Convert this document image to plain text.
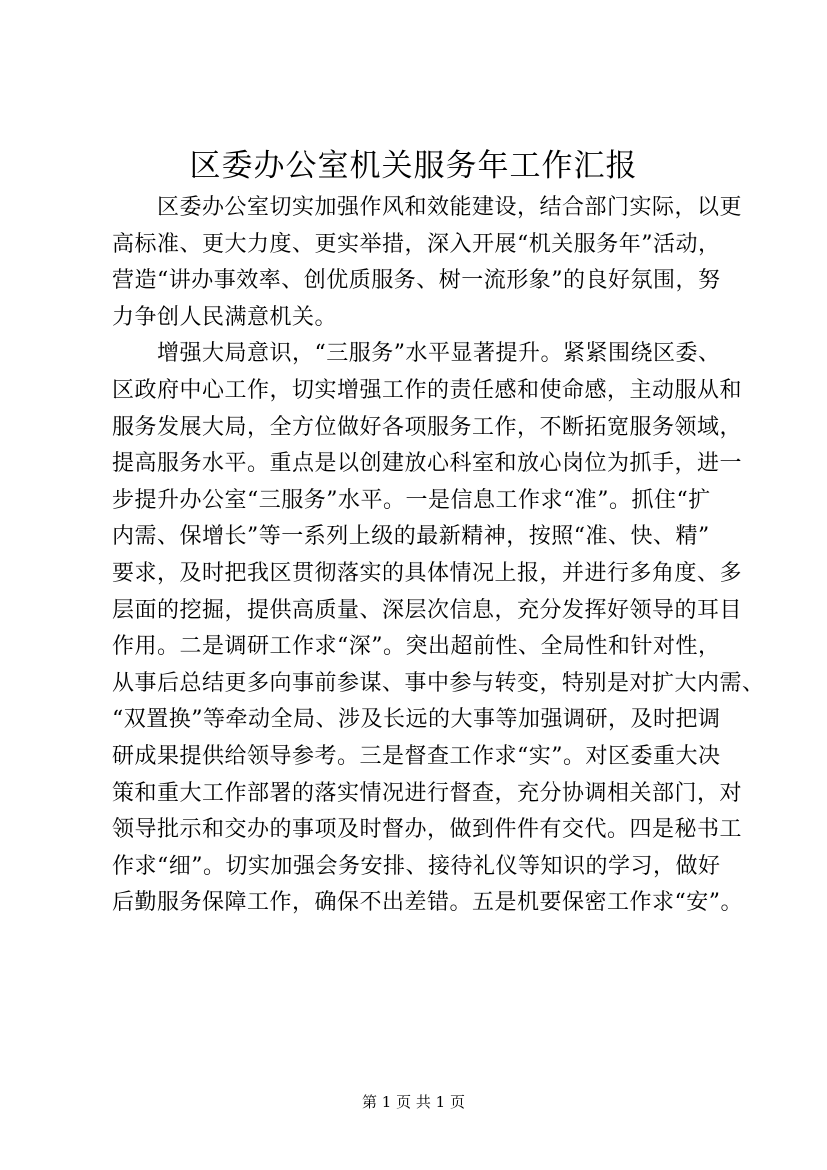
区委办公室机关服务年工作汇报

　　区委办公室切实加强作风和效能建设，结合部门实际，以更

高标准、更大力度、更实举措，深入开展“机关服务年”活动，

营造“讲办事效率、创优质服务、树一流形象”的良好氛围，努

力争创人民满意机关。

　　增强大局意识，“三服务”水平显著提升。紧紧围绕区委、

区政府中心工作，切实增强工作的责任感和使命感，主动服从和

服务发展大局，全方位做好各项服务工作，不断拓宽服务领域，

提高服务水平。重点是以创建放心科室和放心岗位为抓手，进一

步提升办公室“三服务”水平。一是信息工作求“准”。抓住“扩

内需、保增长”等一系列上级的最新精神，按照“准、快、精”

要求，及时把我区贯彻落实的具体情况上报，并进行多角度、多

层面的挖掘，提供高质量、深层次信息，充分发挥好领导的耳目

作用。二是调研工作求“深”。突出超前性、全局性和针对性，

从事后总结更多向事前参谋、事中参与转变，特别是对扩大内需、

“双置换”等牵动全局、涉及长远的大事等加强调研，及时把调

研成果提供给领导参考。三是督查工作求“实”。对区委重大决

策和重大工作部署的落实情况进行督查，充分协调相关部门，对

领导批示和交办的事项及时督办，做到件件有交代。四是秘书工

作求“细”。切实加强会务安排、接待礼仪等知识的学习，做好

后勤服务保障工作，确保不出差错。五是机要保密工作求“安”。

第 1 页 共 1 页
